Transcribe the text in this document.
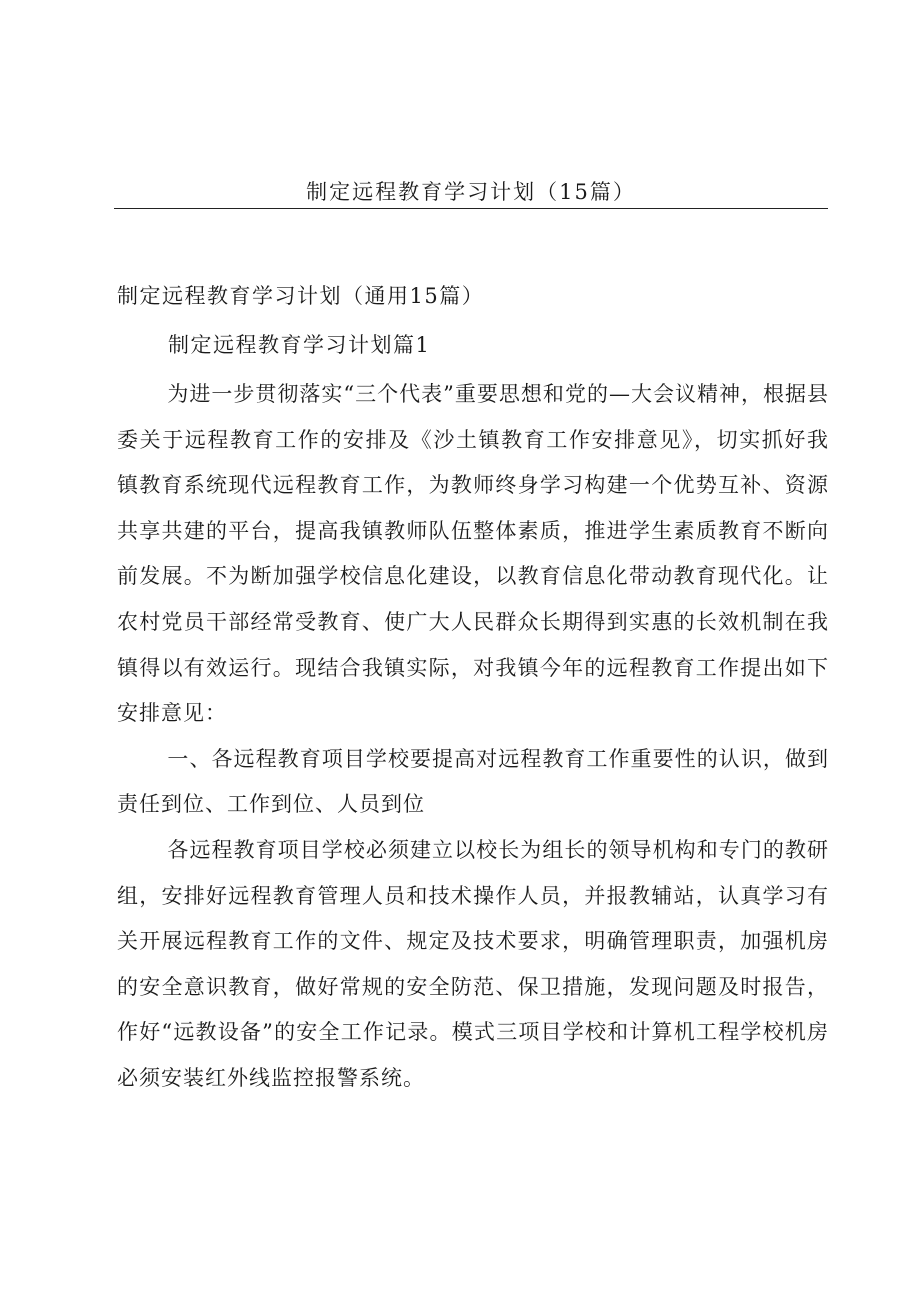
制定远程教育学习计划（15篇）
制定远程教育学习计划（通用15篇）
制定远程教育学习计划篇1

为进一步贯彻落实“三个代表”重要思想和党的—大会议精神，根据县委关于远程教育工作的安排及《沙土镇教育工作安排意见》，切实抓好我镇教育系统现代远程教育工作，为教师终身学习构建一个优势互补、资源共享共建的平台，提高我镇教师队伍整体素质，推进学生素质教育不断向前发展。不为断加强学校信息化建设，以教育信息化带动教育现代化。让农村党员干部经常受教育、使广大人民群众长期得到实惠的长效机制在我镇得以有效运行。现结合我镇实际，对我镇今年的远程教育工作提出如下安排意见：

一、各远程教育项目学校要提高对远程教育工作重要性的认识，做到责任到位、工作到位、人员到位

各远程教育项目学校必须建立以校长为组长的领导机构和专门的教研组，安排好远程教育管理人员和技术操作人员，并报教辅站，认真学习有关开展远程教育工作的文件、规定及技术要求，明确管理职责，加强机房的安全意识教育，做好常规的安全防范、保卫措施，发现问题及时报告，作好“远教设备”的安全工作记录。模式三项目学校和计算机工程学校机房必须安装红外线监控报警系统。
